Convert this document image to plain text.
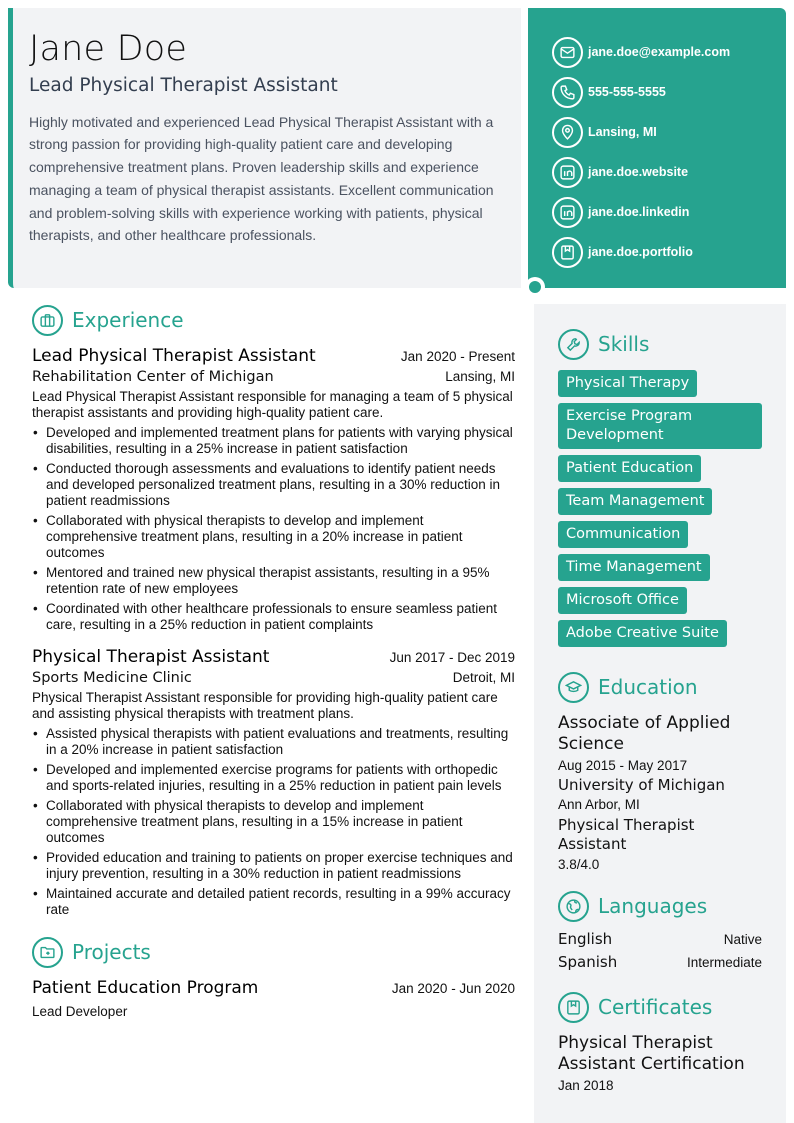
Jane Doe
Lead Physical Therapist Assistant
Highly motivated and experienced Lead Physical Therapist Assistant with a strong passion for providing high-quality patient care and developing comprehensive treatment plans. Proven leadership skills and experience managing a team of physical therapist assistants. Excellent communication and problem-solving skills with experience working with patients, physical therapists, and other healthcare professionals.
jane.doe@example.com
555-555-5555
Lansing, MI
jane.doe.website
jane.doe.linkedin
jane.doe.portfolio
Experience
Lead Physical Therapist Assistant	Jan 2020 - Present
Rehabilitation Center of Michigan	Lansing, MI
Lead Physical Therapist Assistant responsible for managing a team of 5 physical therapist assistants and providing high-quality patient care.
• Developed and implemented treatment plans for patients with varying physical disabilities, resulting in a 25% increase in patient satisfaction
• Conducted thorough assessments and evaluations to identify patient needs and developed personalized treatment plans, resulting in a 30% reduction in patient readmissions
• Collaborated with physical therapists to develop and implement comprehensive treatment plans, resulting in a 20% increase in patient outcomes
• Mentored and trained new physical therapist assistants, resulting in a 95% retention rate of new employees
• Coordinated with other healthcare professionals to ensure seamless patient care, resulting in a 25% reduction in patient complaints
Physical Therapist Assistant	Jun 2017 - Dec 2019
Sports Medicine Clinic	Detroit, MI
Physical Therapist Assistant responsible for providing high-quality patient care and assisting physical therapists with treatment plans.
• Assisted physical therapists with patient evaluations and treatments, resulting in a 20% increase in patient satisfaction
• Developed and implemented exercise programs for patients with orthopedic and sports-related injuries, resulting in a 25% reduction in patient pain levels
• Collaborated with physical therapists to develop and implement comprehensive treatment plans, resulting in a 15% increase in patient outcomes
• Provided education and training to patients on proper exercise techniques and injury prevention, resulting in a 30% reduction in patient readmissions
• Maintained accurate and detailed patient records, resulting in a 99% accuracy rate
Projects
Patient Education Program	Jan 2020 - Jun 2020
Lead Developer
Skills
Physical Therapy
Exercise Program Development
Patient Education
Team Management
Communication
Time Management
Microsoft Office
Adobe Creative Suite
Education
Associate of Applied Science
Aug 2015 - May 2017
University of Michigan
Ann Arbor, MI
Physical Therapist Assistant
3.8/4.0
Languages
English	Native
Spanish	Intermediate
Certificates
Physical Therapist Assistant Certification
Jan 2018
